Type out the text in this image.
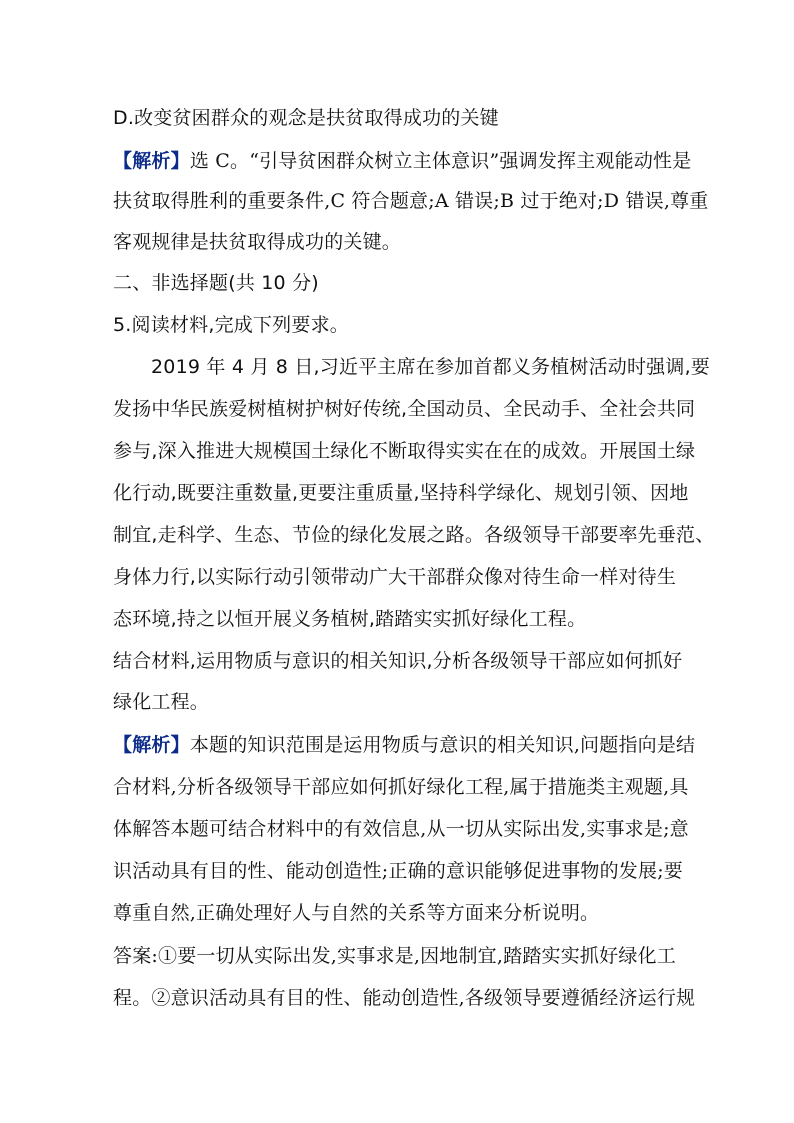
D.改变贫困群众的观念是扶贫取得成功的关键
【解析】选 C。“引导贫困群众树立主体意识”强调发挥主观能动性是
扶贫取得胜利的重要条件,C 符合题意;A 错误;B 过于绝对;D 错误,尊重
客观规律是扶贫取得成功的关键。
二、非选择题(共 10 分)
5.阅读材料,完成下列要求。
2019 年 4 月 8 日,习近平主席在参加首都义务植树活动时强调,要
发扬中华民族爱树植树护树好传统,全国动员、全民动手、全社会共同
参与,深入推进大规模国土绿化不断取得实实在在的成效。开展国土绿
化行动,既要注重数量,更要注重质量,坚持科学绿化、规划引领、因地
制宜,走科学、生态、节俭的绿化发展之路。各级领导干部要率先垂范、
身体力行,以实际行动引领带动广大干部群众像对待生命一样对待生
态环境,持之以恒开展义务植树,踏踏实实抓好绿化工程。
结合材料,运用物质与意识的相关知识,分析各级领导干部应如何抓好
绿化工程。
【解析】本题的知识范围是运用物质与意识的相关知识,问题指向是结
合材料,分析各级领导干部应如何抓好绿化工程,属于措施类主观题,具
体解答本题可结合材料中的有效信息,从一切从实际出发,实事求是;意
识活动具有目的性、能动创造性;正确的意识能够促进事物的发展;要
尊重自然,正确处理好人与自然的关系等方面来分析说明。
答案:①要一切从实际出发,实事求是,因地制宜,踏踏实实抓好绿化工
程。②意识活动具有目的性、能动创造性,各级领导要遵循经济运行规
